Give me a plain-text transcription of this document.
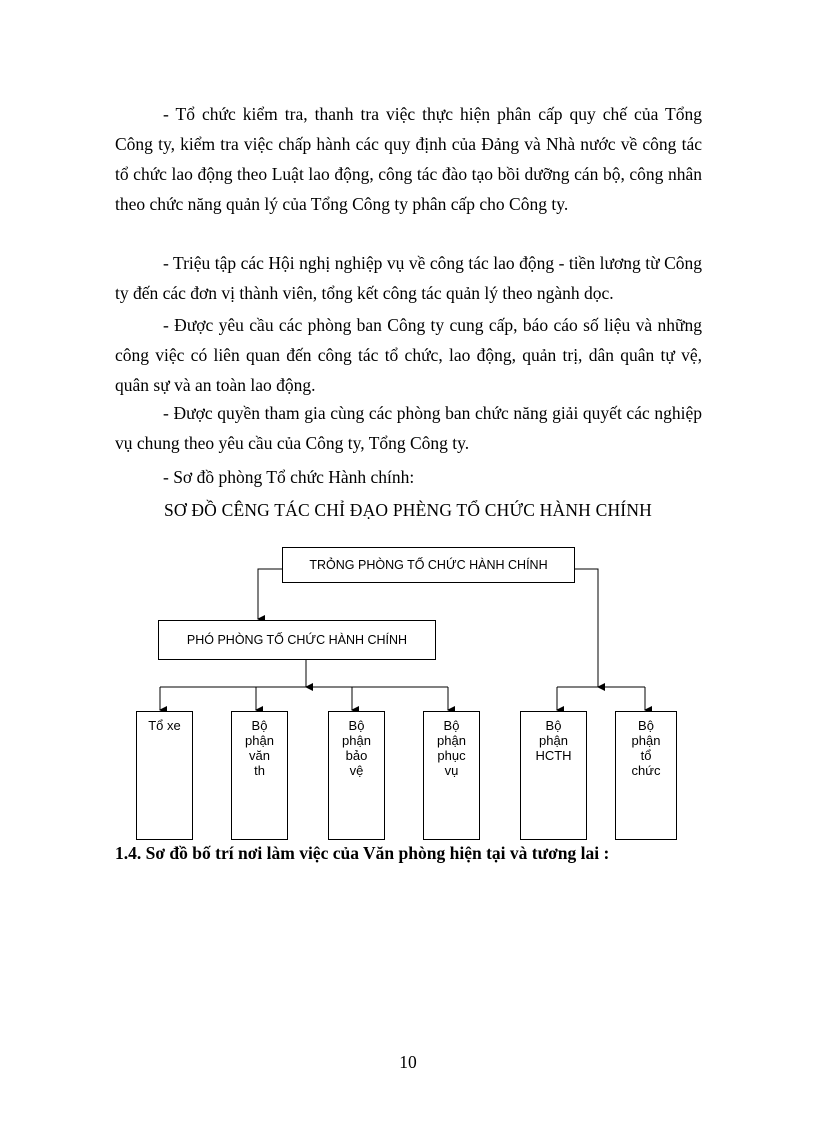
- Tổ chức kiểm tra, thanh tra việc thực hiện phân cấp quy chế của Tổng Công ty, kiểm tra việc chấp hành các quy định của Đảng và Nhà nước về công tác tổ chức lao động theo Luật lao động, công tác đào tạo bồi dưỡng cán bộ, công nhân theo chức năng quản lý của Tổng Công ty phân cấp cho Công ty.

- Triệu tập các Hội nghị nghiệp vụ về công tác lao động - tiền lương từ Công ty đến các đơn vị thành viên, tổng kết công tác quản lý theo ngành dọc.

- Được yêu cầu các phòng ban Công ty cung cấp, báo cáo số liệu và những công việc có liên quan đến công tác tổ chức, lao động, quản trị, dân quân tự vệ, quân sự và an toàn lao động.

- Được quyền tham gia cùng các phòng ban chức năng giải quyết các nghiệp vụ chung theo yêu cầu của Công ty, Tổng Công ty.

- Sơ đồ phòng Tổ chức Hành chính:

SƠ ĐỒ CÊNG TÁC CHỈ ĐẠO PHÈNG TỔ CHỨC HÀNH CHÍNH
TRỎNG PHÒNG TỐ CHỨC HÀNH CHÍNH
PHÓ PHÒNG TỐ CHỨC HÀNH CHÍNH
Tổ xe	Bộ
phận
văn
th
Bộ
phận
bảo
vệ
Bộ
phận
phục
vụ
Bộ
phận
HCTH
Bộ
phận
tổ
chức
1.4. Sơ đồ bố trí nơi làm việc của Văn phòng hiện tại và tương lai :
10
